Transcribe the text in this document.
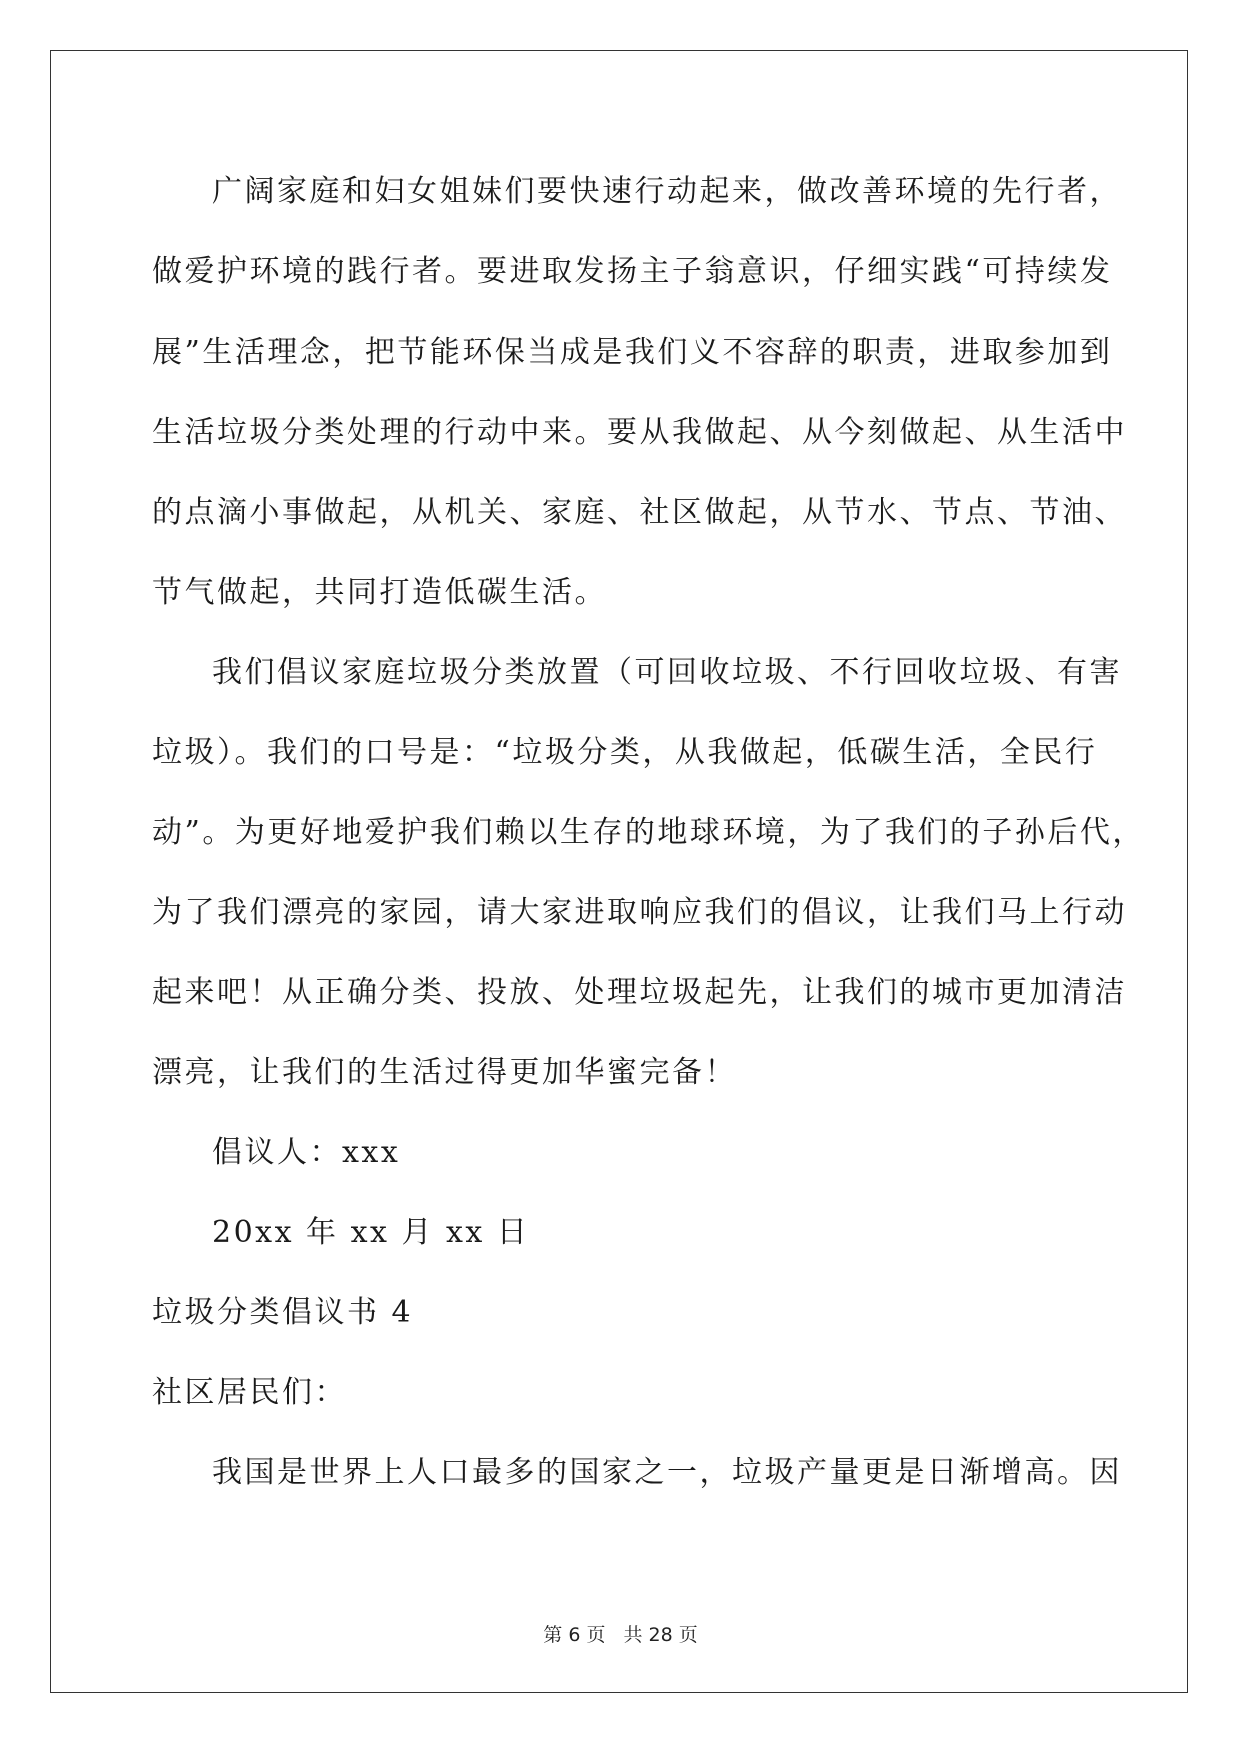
广阔家庭和妇女姐妹们要快速行动起来，做改善环境的先行者，
做爱护环境的践行者。要进取发扬主子翁意识，仔细实践“可持续发
展”生活理念，把节能环保当成是我们义不容辞的职责，进取参加到
生活垃圾分类处理的行动中来。要从我做起、从今刻做起、从生活中
的点滴小事做起，从机关、家庭、社区做起，从节水、节点、节油、
节气做起，共同打造低碳生活。
我们倡议家庭垃圾分类放置（可回收垃圾、不行回收垃圾、有害
垃圾）。我们的口号是：“垃圾分类，从我做起，低碳生活，全民行
动”。为更好地爱护我们赖以生存的地球环境，为了我们的子孙后代，
为了我们漂亮的家园，请大家进取响应我们的倡议，让我们马上行动
起来吧！从正确分类、投放、处理垃圾起先，让我们的城市更加清洁
漂亮，让我们的生活过得更加华蜜完备！
倡议人：xxx
20xx 年 xx 月 xx 日
垃圾分类倡议书 4
社区居民们：
我国是世界上人口最多的国家之一，垃圾产量更是日渐增高。因
第 6 页 共 28 页
